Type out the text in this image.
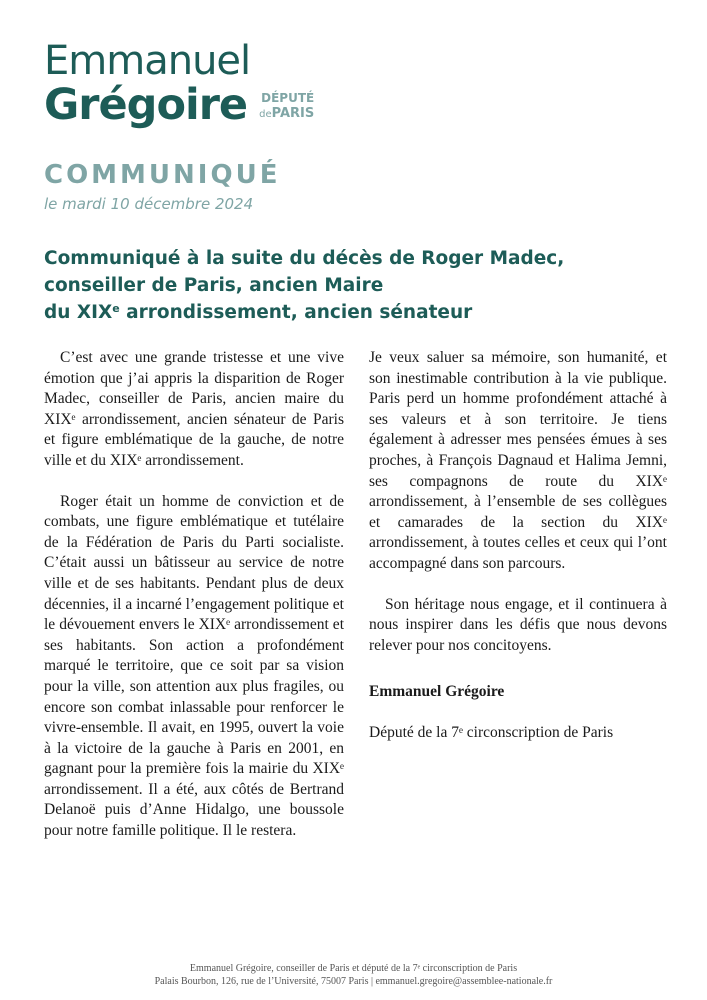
Emmanuel
Grégoire DÉPUTÉ
dePARIS
COMMUNIQUÉ
le mardi 10 décembre 2024
Communiqué à la suite du décès de Roger Madec,
conseiller de Paris, ancien Maire
du XIXe arrondissement, ancien sénateur

C’est avec une grande tristesse et une vive émotion que j’ai appris la disparition de Roger Madec, conseiller de Paris, ancien maire du XIXᵉ arrondissement, ancien sénateur de Paris et figure emblématique de la gauche, de notre ville et du XIXᵉ arrondissement.

Roger était un homme de conviction et de combats, une figure emblématique et tutélaire de la Fédération de Paris du Parti socialiste. C’était aussi un bâtisseur au service de notre ville et de ses habitants. Pendant plus de deux décennies, il a incarné l’engagement politique et le dévouement envers le XIXᵉ arrondissement et ses habitants. Son action a profondément marqué le territoire, que ce soit par sa vision pour la ville, son attention aux plus fragiles, ou encore son combat inlassable pour renforcer le vivre-ensemble. Il avait, en 1995, ouvert la voie à la victoire de la gauche à Paris en 2001, en gagnant pour la première fois la mairie du XIXᵉ arrondissement. Il a été, aux côtés de Bertrand Delanoë puis d’Anne Hidalgo, une boussole pour notre famille politique. Il le restera.

Je veux saluer sa mémoire, son humanité, et son inestimable contribution à la vie publique. Paris perd un homme profondément attaché à ses valeurs et à son territoire. Je tiens également à adresser mes pensées émues à ses proches, à François Dagnaud et Halima Jemni, ses compagnons de route du XIXᵉ arrondissement, à l’ensemble de ses collègues et camarades de la section du XIXᵉ arrondissement, à toutes celles et ceux qui l’ont accompagné dans son parcours.

Son héritage nous engage, et il continuera à nous inspirer dans les défis que nous devons relever pour nos concitoyens.

Emmanuel Grégoire

Député de la 7ᵉ circonscription de Paris

Emmanuel Grégoire, conseiller de Paris et député de la 7ᵉ circonscription de Paris
Palais Bourbon, 126, rue de l’Université, 75007 Paris | emmanuel.gregoire@assemblee-nationale.fr
